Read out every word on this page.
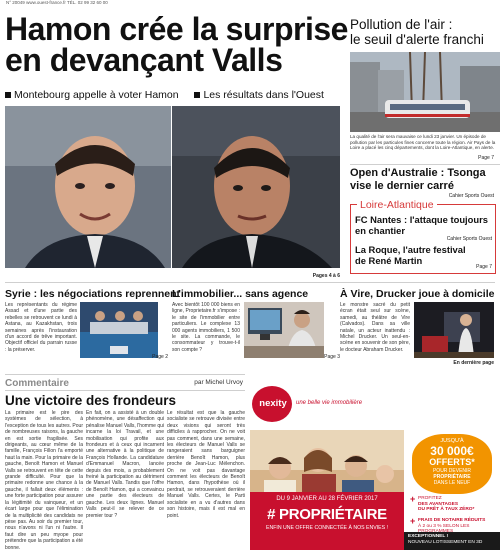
N° 20049 www.ouest-france.fr TÉL. 02 99 32 60 00
Hamon crée la surprise
en devançant Valls
Montebourg appelle à voter Hamon Les résultats dans l'Ouest
Pages 4 à 6
Pollution de l'air :
le seuil d'alerte franchi
La qualité de l'air sera mauvaise ce lundi 23 janvier. Un épisode de pollution par les particules fines concerne toute la région. Air Pays de la Loire a placé les cinq départements, dont la Loire-Atlantique, en alerte.
Page 7
Open d'Australie : Tsonga
vise le dernier carré
Cahier Sports Ouest
Loire-Atlantique
FC Nantes : l'attaque toujours
en chantier
Cahier Sports Ouest
La Roque, l'autre festival
de René Martin
Page 7
Syrie : les négociations reprennent
Les représentants du régime Assad et d'une partie des rebelles se retrouvent ce lundi à Astana, au Kazakhstan, trois semaines après l'instauration d'un accord de trêve important. Objectif officiel du parrain russe : la préserver.
Page 2
L'immobilier... sans agence
Avec bientôt 100 000 biens en ligne, Proprietaire.fr s'impose : le site de l'immobilier entre particuliers. Le complexe 13 000 agents immobiliers, 1 500 le site. La commande, le consommateur y trouve-t-il son compte ?
Page 3
À Vire, Drucker joue à domicile
Le monstre sacré du petit écran était seul sur scène, samedi, au théâtre de Vire (Calvados). Dans sa ville natale, un acteur inattendu : Michel Drucker. Un seul-en-scène en souvenir de son père, le docteur Abraham Drucker.
En dernière page
Commentaire	par Michel Urvoy
Une victoire des frondeurs
La primaire est le pire des systèmes de sélection, à l'exception de tous les autres. Pour de nombreuses raisons, la gauche en est sortie fragilisée. Ses dirigeants, au cœur même de la famille, François Fillon l'a emporté haut la main. Pour la primaire de la gauche, Benoît Hamon et Manuel Valls se retrouvent en tête de cette grande difficulté. Pour que la primaire redonne une chance à la gauche, il fallait deux éléments : une forte participation pour assurer la légitimité du vainqueur, et un écart large pour que l'élimination de la multiplicité des candidats ne pèse pas. Au soir du premier tour, nous n'avons ni l'un ni l'autre. Il faut dire un peu myope pour prétendre que la participation a été bonne.
En fait, on a assisté à un double phénomène, une désaffection qui pénalise Manuel Valls, l'homme qui incarne la loi Travail, et une mobilisation qui profite aux frondeurs et à ceux qui incarnent une alternative à la politique de François Hollande. La candidature d'Emmanuel Macron, lancée depuis des mois, a probablement freiné la participation au détriment de Manuel Valls. Tandis que l'offre de Benoît Hamon, qui a convaincu une partie des électeurs de gauche. Les deux lignes. Manuel Valls peut-il se relever de ce premier tour ?
Le résultat est que la gauche socialiste se retrouve divisée entre deux visions qui seront très difficiles à rapprocher. On ne voit pas comment, dans une semaine, les électeurs de Manuel Valls se rangeraient sans barguigner derrière Benoît Hamon, plus proche de Jean-Luc Mélenchon. On ne voit pas davantage comment les électeurs de Benoît Hamon, dans l'hypothèse où il perdrait, se retrouveraient derrière Manuel Valls. Certes, le Parti socialiste en a vu d'autres dans son histoire, mais il est mal en point.
nexity	une belle vie immobilière
DU 9 JANVIER AU 28 FÉVRIER 2017
# PROPRIÉTAIRE
ENFIN UNE OFFRE CONNECTÉE À NOS ENVIES !
JUSQU'À
30 000€
OFFERTS*
POUR DEVENIR
PROPRIÉTAIRE
DANS LE NEUF
+ PROFITEZ
DES AVANTAGES
DU PRÊT À TAUX ZÉRO*
+ FRAIS DE NOTAIRE RÉDUITS
À 2 ou 3 % SELON LES
EXCEPTIONNEL !
NOUVEAU LOTISSEMENT EN 3D
